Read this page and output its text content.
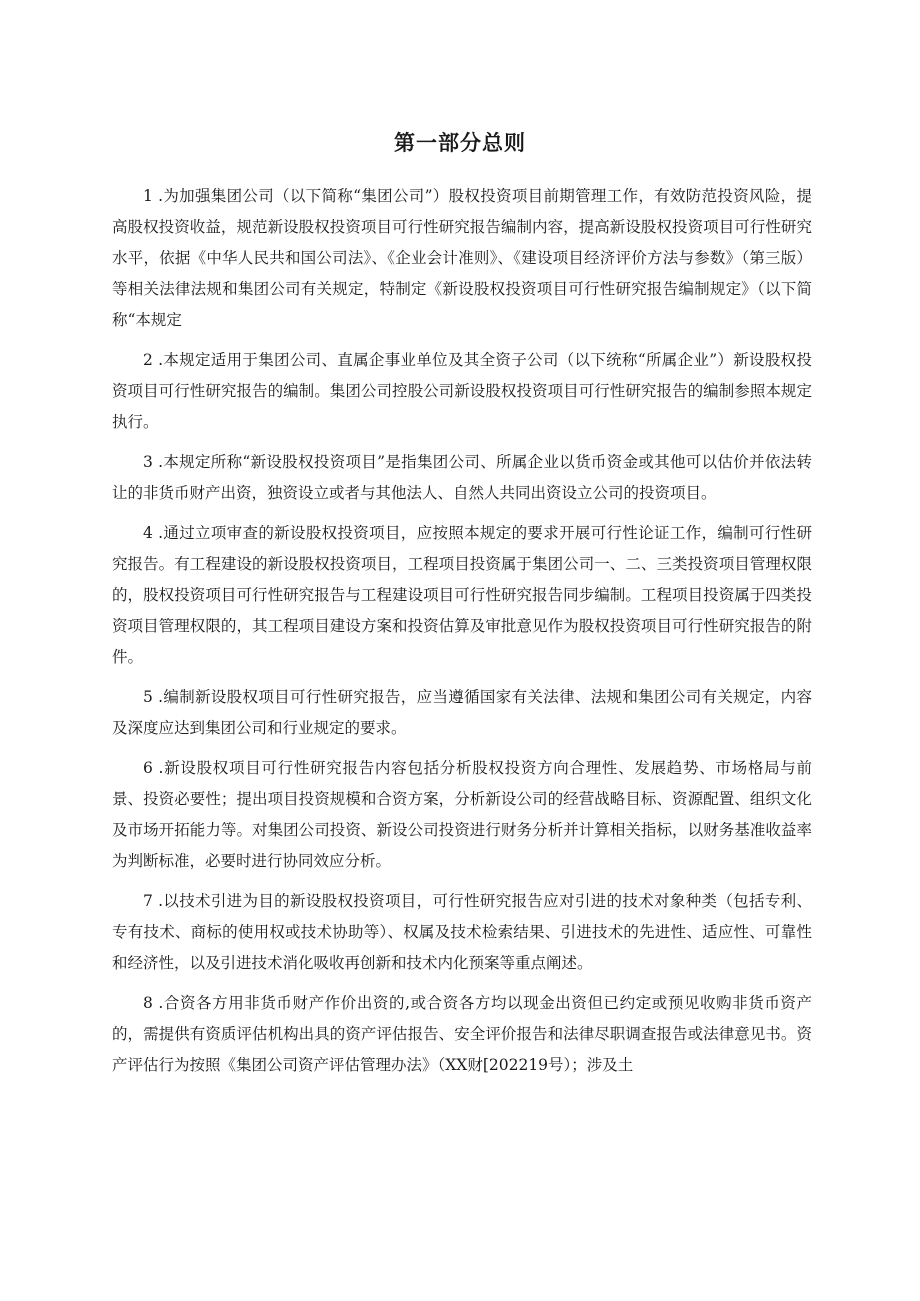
第一部分总则

1 .为加强集团公司（以下简称“集团公司”）股权投资项目前期管理工作，有效防范投资风险，提高股权投资收益，规范新设股权投资项目可行性研究报告编制内容，提高新设股权投资项目可行性研究水平，依据《中华人民共和国公司法》、《企业会计准则》、《建设项目经济评价方法与参数》（第三版）等相关法律法规和集团公司有关规定，特制定《新设股权投资项目可行性研究报告编制规定》（以下简称“本规定

2 .本规定适用于集团公司、直属企事业单位及其全资子公司（以下统称“所属企业”）新设股权投资项目可行性研究报告的编制。集团公司控股公司新设股权投资项目可行性研究报告的编制参照本规定执行。

3 .本规定所称“新设股权投资项目”是指集团公司、所属企业以货币资金或其他可以估价并依法转让的非货币财产出资，独资设立或者与其他法人、自然人共同出资设立公司的投资项目。

4 .通过立项审查的新设股权投资项目，应按照本规定的要求开展可行性论证工作，编制可行性研究报告。有工程建设的新设股权投资项目，工程项目投资属于集团公司一、二、三类投资项目管理权限的，股权投资项目可行性研究报告与工程建设项目可行性研究报告同步编制。工程项目投资属于四类投资项目管理权限的，其工程项目建设方案和投资估算及审批意见作为股权投资项目可行性研究报告的附件。

5 .编制新设股权项目可行性研究报告，应当遵循国家有关法律、法规和集团公司有关规定，内容及深度应达到集团公司和行业规定的要求。

6 .新设股权项目可行性研究报告内容包括分析股权投资方向合理性、发展趋势、市场格局与前景、投资必要性；提出项目投资规模和合资方案，分析新设公司的经营战略目标、资源配置、组织文化及市场开拓能力等。对集团公司投资、新设公司投资进行财务分析并计算相关指标，以财务基准收益率为判断标准，必要时进行协同效应分析。

7 .以技术引进为目的新设股权投资项目，可行性研究报告应对引进的技术对象种类（包括专利、专有技术、商标的使用权或技术协助等）、权属及技术检索结果、引进技术的先进性、适应性、可靠性和经济性，以及引进技术消化吸收再创新和技术内化预案等重点阐述。

8 .合资各方用非货币财产作价出资的,或合资各方均以现金出资但已约定或预见收购非货币资产的，需提供有资质评估机构出具的资产评估报告、安全评价报告和法律尽职调查报告或法律意见书。资产评估行为按照《集团公司资产评估管理办法》（XX财[202219号）；涉及土
